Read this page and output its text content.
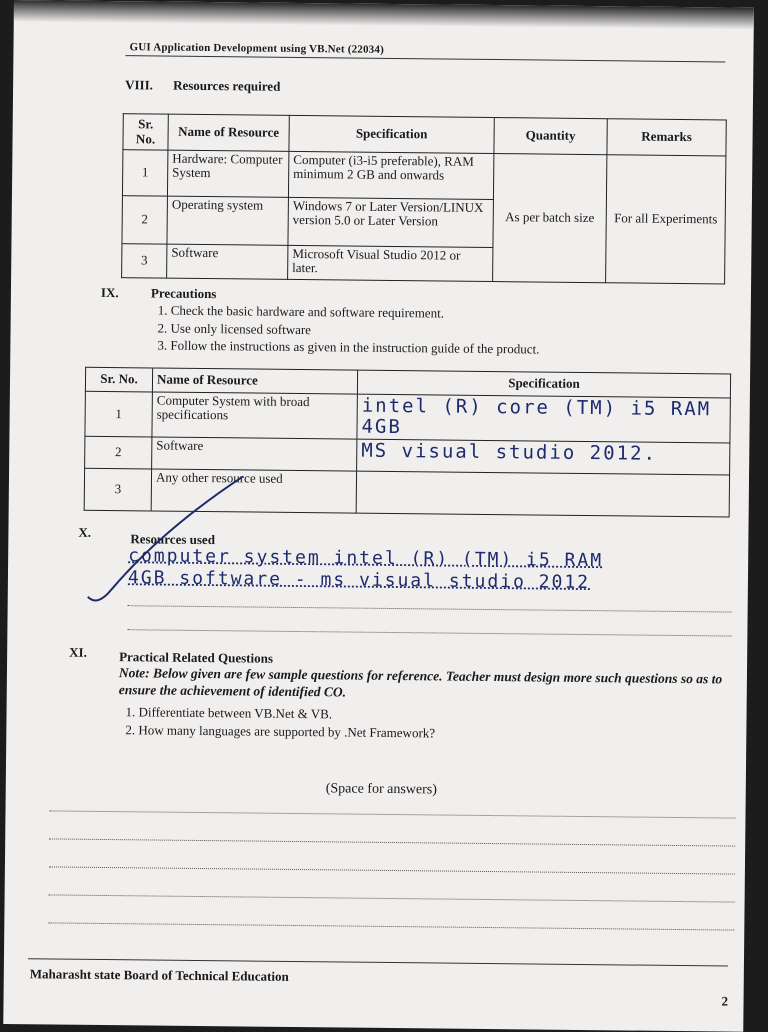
GUI Application Development using VB.Net (22034)
VIII. Resources required
Sr. No.	Name of Resource	Specification	Quantity	Remarks
1	Hardware: Computer System	Computer (i3-i5 preferable), RAM minimum 2 GB and onwards	As per batch size	For all Experiments
2	Operating system	Windows 7 or Later Version/LINUX version 5.0 or Later Version		
3	Software	Microsoft Visual Studio 2012 or later.		
IX. Precautions
1. Check the basic hardware and software requirement.
2. Use only licensed software
3. Follow the instructions as given in the instruction guide of the product.
Sr. No.	Name of Resource	Specification
1	Computer System with broad specifications	intel (R) core (TM) i5 RAM 4GB
2	Software	MS visual studio 2012.
3	Any other resource used	
X.	Resources used
computer system intel (R) (TM) i5 RAM
4GB software - ms visual studio 2012
XI. Practical Related Questions
Note: Below given are few sample questions for reference. Teacher must design more such questions so as to ensure the achievement of identified CO.
1. Differentiate between VB.Net & VB.
2. How many languages are supported by .Net Framework?
(Space for answers)
Maharasht state Board of Technical Education
2
